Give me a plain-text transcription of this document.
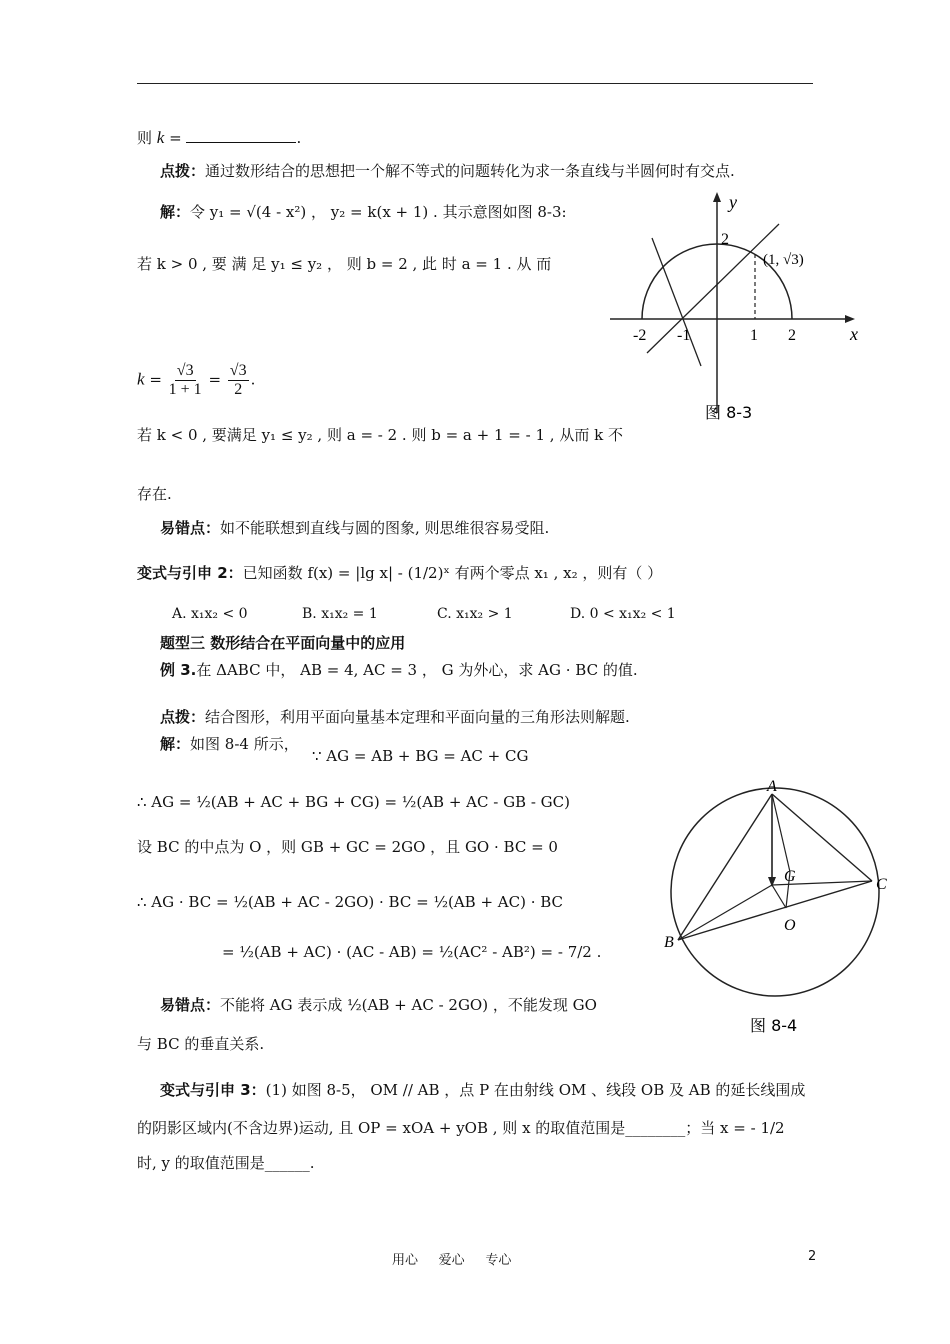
则 k =	.
点拨：通过数形结合的思想把一个解不等式的问题转化为求一条直线与半圆何时有交点.
解：令 y₁ = √(4 - x²) ， y₂ = k(x + 1) . 其示意图如图 8-3:
若 k > 0 , 要 满 足 y₁ ≤ y₂ ， 则 b = 2 , 此 时 a = 1 . 从 而
$k = \frac{√3}{1 + 1} = \frac{√3}{2}$ .
若 k < 0 , 要满足 y₁ ≤ y₂ , 则 a = - 2 . 则 b = a + 1 = - 1 , 从而 k 不
存在.
易错点：如不能联想到直线与圆的图象, 则思维很容易受阻.
变式与引申 2：已知函数 f(x) = |lg x| - (1/2)ˣ 有两个零点 x₁ , x₂ ，则有（ ）
A. x₁x₂ < 0	B. x₁x₂ = 1	C. x₁x₂ > 1	D. 0 < x₁x₂ < 1
题型三 数形结合在平面向量中的应用
例 3.在 ΔABC 中， AB = 4, AC = 3 ， G 为外心，求 AG · BC 的值.
点拨：结合图形，利用平面向量基本定理和平面向量的三角形法则解题.
解：如图 8-4 所示，
∵ AG = AB + BG = AC + CG
∴ AG = ½(AB + AC + BG + CG) = ½(AB + AC - GB - GC)
设 BC 的中点为 O ，则 GB + GC = 2GO ，且 GO · BC = 0
∴ AG · BC = ½(AB + AC - 2GO) · BC = ½(AB + AC) · BC
= ½(AB + AC) · (AC - AB) = ½(AC² - AB²) = - 7/2 .
易错点：不能将 AG 表示成 ½(AB + AC - 2GO) ，不能发现 GO
与 BC 的垂直关系.
变式与引申 3：(1) 如图 8-5， OM // AB ，点 P 在由射线 OM 、线段 OB 及 AB 的延长线围成
的阴影区域内(不含边界)运动, 且 OP = xOA + yOB , 则 x 的取值范围是________；当 x = - 1/2
时, y 的取值范围是______.
x
y
2
-2 -1	1 2
(1, √3)
图 8-3
A
B
C
G
O
图 8-4
用心     爱心     专心	2
